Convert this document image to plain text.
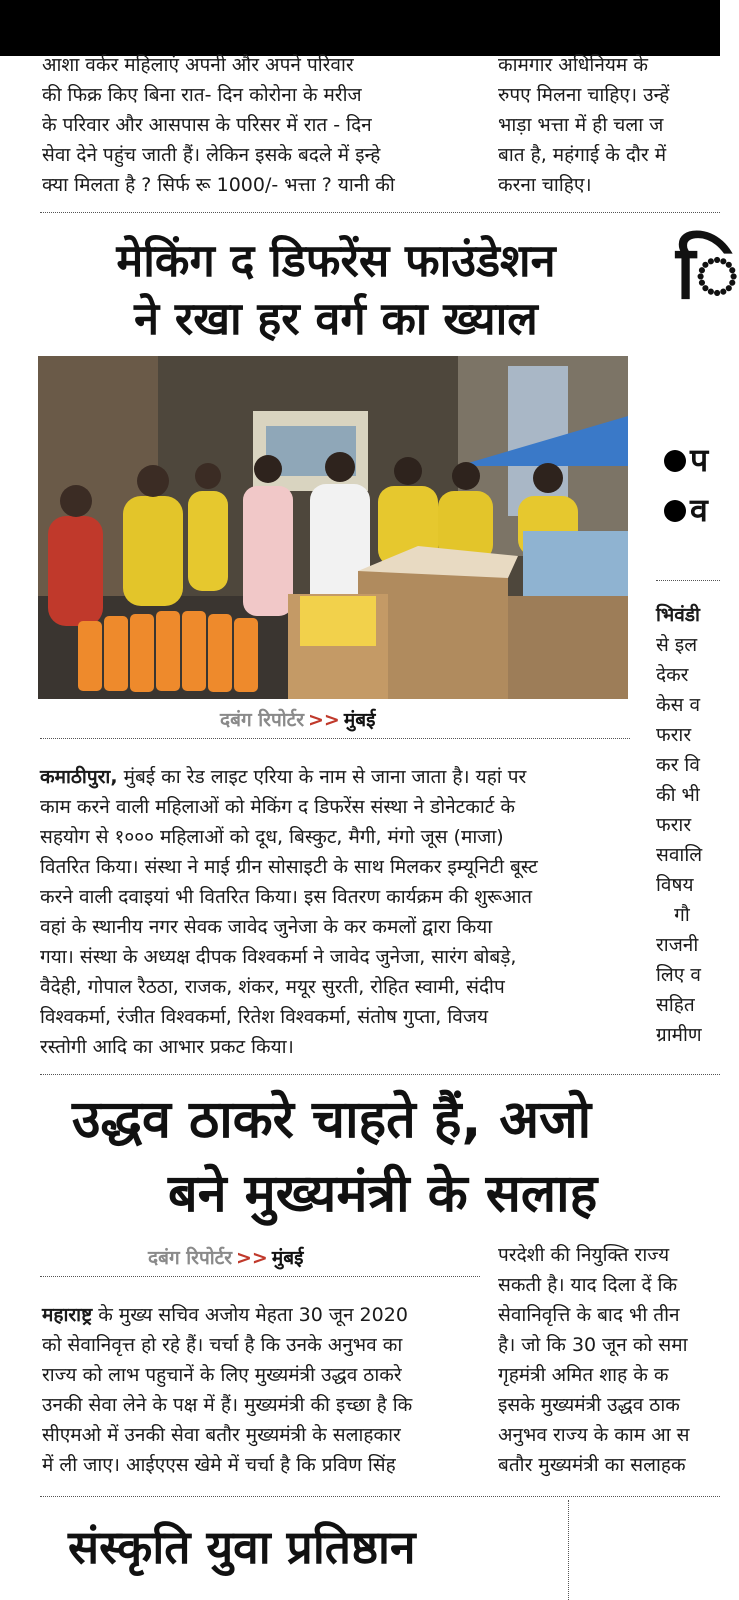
आशा वर्कर महिलाएं अपनी और अपने परिवार
की फिक्र किए बिना रात- दिन कोरोना के मरीज
के परिवार और आसपास के परिसर में रात - दिन
सेवा देने पहुंच जाती हैं। लेकिन इसके बदले में इन्हे
क्या मिलता है ? सिर्फ रू 1000/- भत्ता ? यानी की
कामगार अधिनियम के
रुपए मिलना चाहिए। उन्हें
भाड़ा भत्ता में ही चला ज
बात है, महंगाई के दौर में
करना चाहिए।
मेकिंग द डिफरेंस फाउंडेशन
ने रखा हर वर्ग का ख्याल
दबंग रिपोर्टर >> मुंबई
कमाठीपुरा, मुंबई का रेड लाइट एरिया के नाम से जाना जाता है। यहां पर
काम करने वाली महिलाओं को मेकिंग द डिफरेंस संस्था ने डोनेटकार्ट के
सहयोग से १००० महिलाओं को दूध, बिस्कुट, मैगी, मंगो जूस (माजा)
वितरित किया। संस्था ने माई ग्रीन सोसाइटी के साथ मिलकर इम्यूनिटी बूस्ट
करने वाली दवाइयां भी वितरित किया। इस वितरण कार्यक्रम की शुरूआत
वहां के स्थानीय नगर सेवक जावेद जुनेजा के कर कमलों द्वारा किया
गया। संस्था के अध्यक्ष दीपक विश्वकर्मा ने जावेद जुनेजा, सारंग बोबड़े,
वैदेही, गोपाल रैठठा, राजक, शंकर, मयूर सुरती, रोहित स्वामी, संदीप
विश्वकर्मा, रंजीत विश्वकर्मा, रितेश विश्वकर्मा, संतोष गुप्ता, विजय
रस्तोगी आदि का आभार प्रकट किया।
ि
प
व
भिवंडी
से इल
देकर
केस व
फरार
कर वि
की भी
फरार
सवालि
विषय
गौ
राजनी
लिए व
सहित
ग्रामीण
उद्धव ठाकरे चाहते हैं, अजो
बने मुख्यमंत्री के सलाह
दबंग रिपोर्टर >> मुंबई
महाराष्ट्र के मुख्य सचिव अजोय मेहता 30 जून 2020
को सेवानिवृत्त हो रहे हैं। चर्चा है कि उनके अनुभव का
राज्य को लाभ पहुचानें के लिए मुख्यमंत्री उद्धव ठाकरे
उनकी सेवा लेने के पक्ष में हैं। मुख्यमंत्री की इच्छा है कि
सीएमओ में उनकी सेवा बतौर मुख्यमंत्री के सलाहकार
में ली जाए। आईएएस खेमे में चर्चा है कि प्रविण सिंह
परदेशी की नियुक्ति राज्य
सकती है। याद दिला दें कि
सेवानिवृत्ति के बाद भी तीन
है। जो कि 30 जून को समा
गृहमंत्री अमित शाह के क
इसके मुख्यमंत्री उद्धव ठाक
अनुभव राज्य के काम आ स
बतौर मुख्यमंत्री का सलाहक
संस्कृति युवा प्रतिष्ठान
